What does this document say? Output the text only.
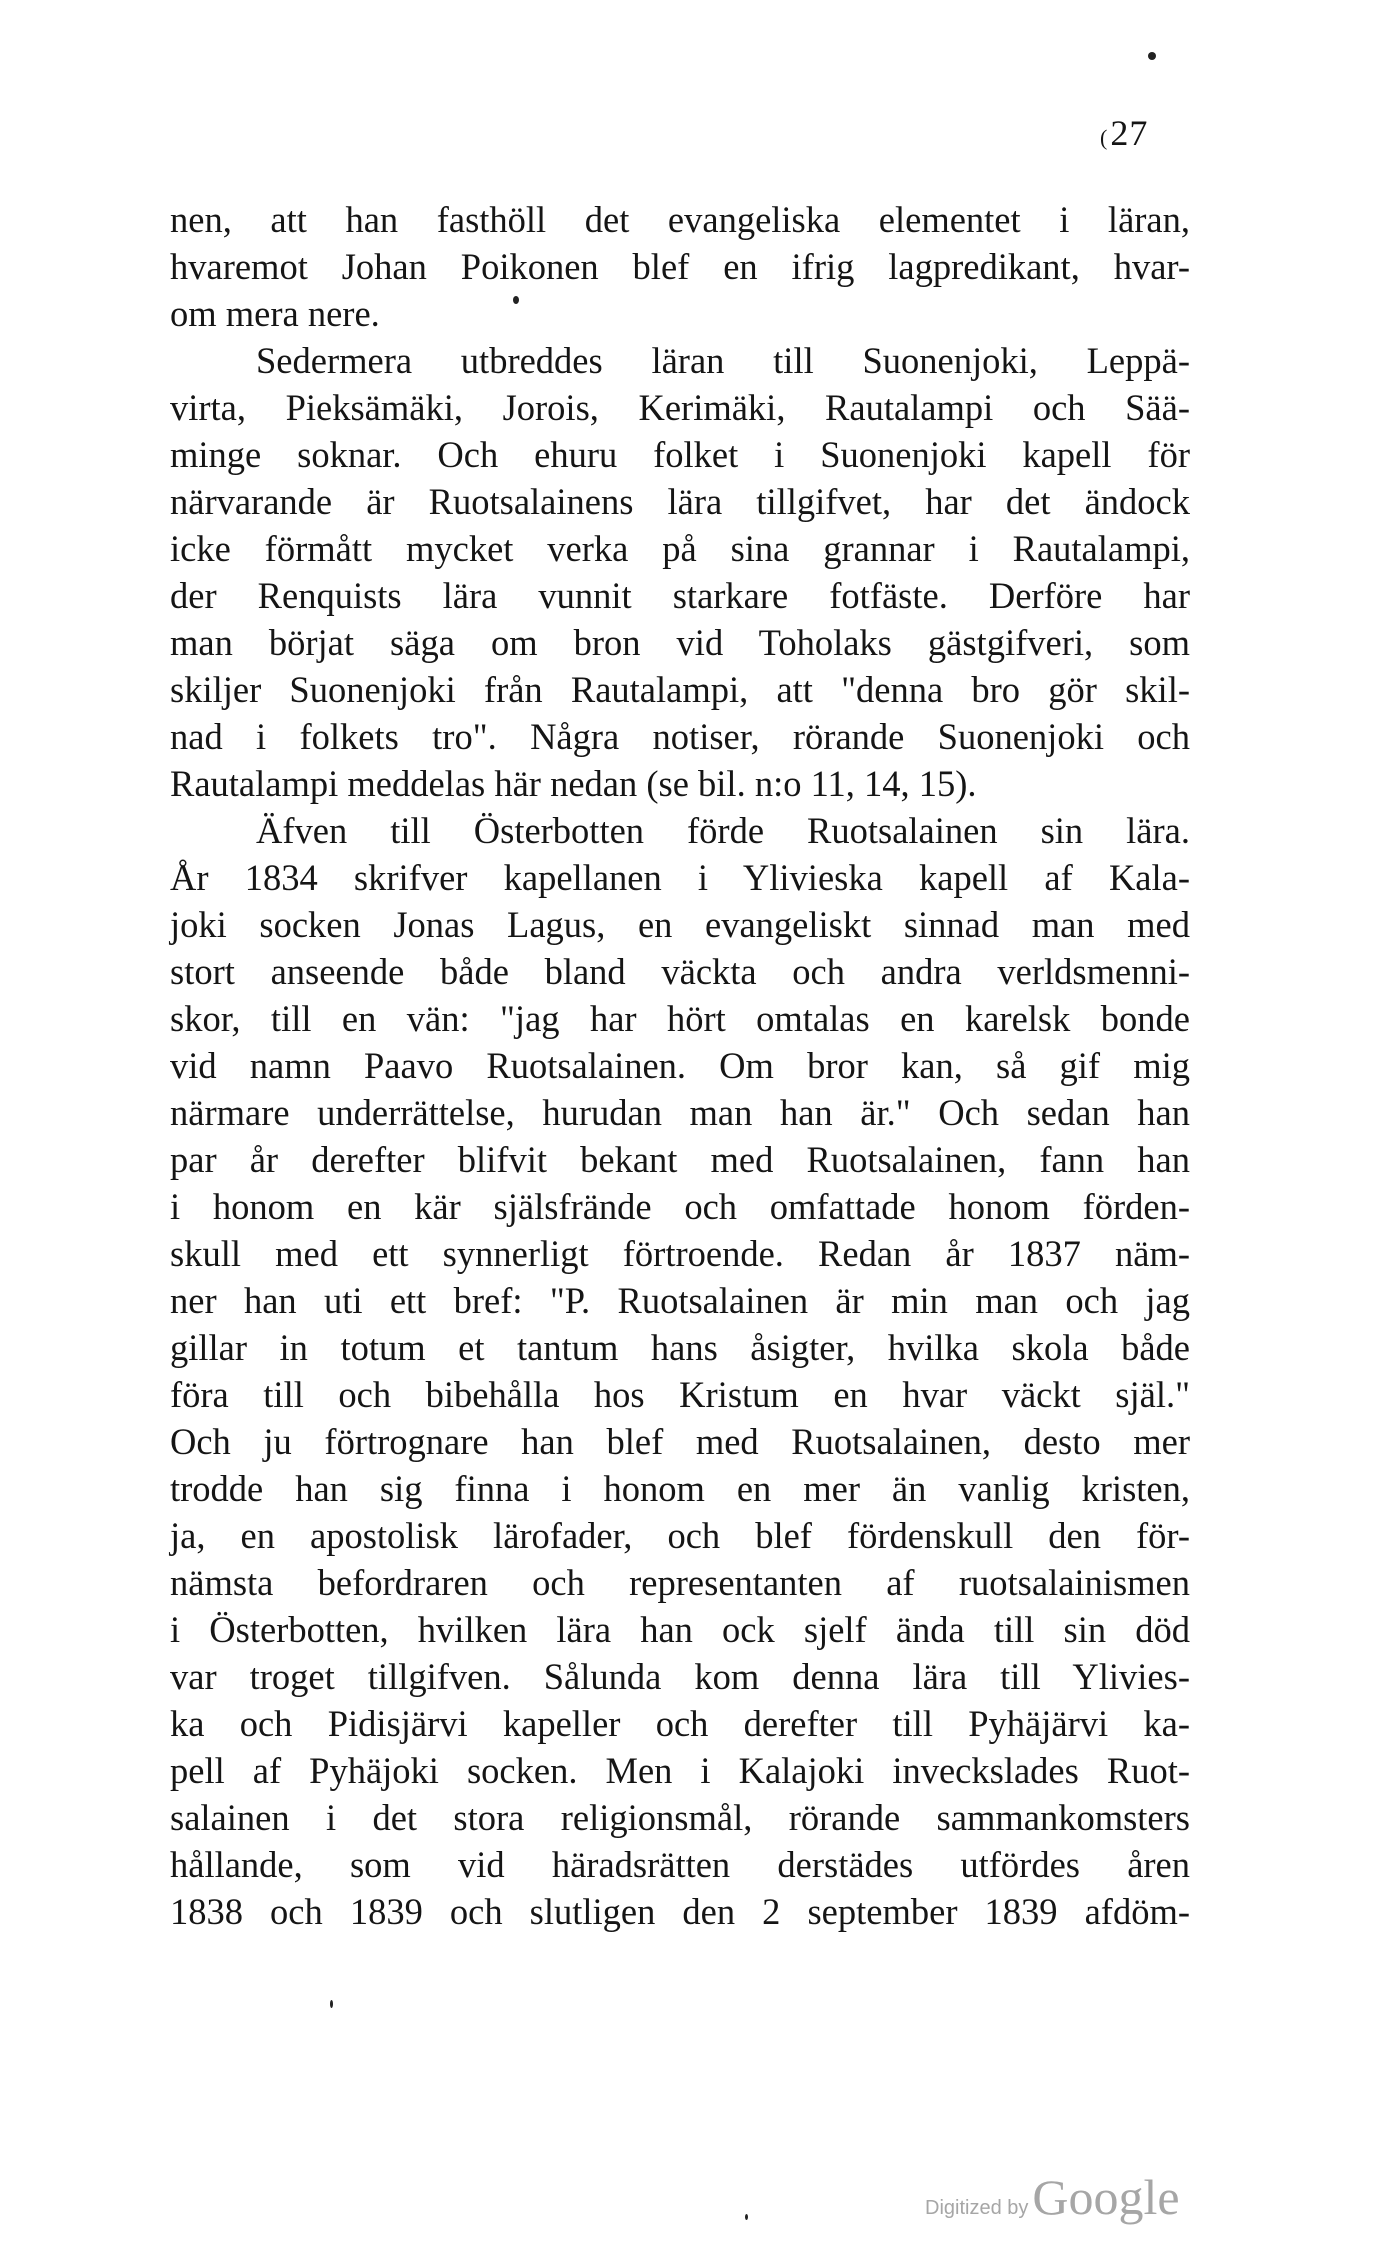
(27
nen, att han fasthöll det evangeliska elementet i läran,
hvaremot Johan Poikonen blef en ifrig lagpredikant, hvar-
om mera nere.
Sedermera utbreddes läran till Suonenjoki, Leppä-
virta, Pieksämäki, Jorois, Kerimäki, Rautalampi och Sää-
minge soknar. Och ehuru folket i Suonenjoki kapell för
närvarande är Ruotsalainens lära tillgifvet, har det ändock
icke förmått mycket verka på sina grannar i Rautalampi,
der Renquists lära vunnit starkare fotfäste. Derföre har
man börjat säga om bron vid Toholaks gästgifveri, som
skiljer Suonenjoki från Rautalampi, att "denna bro gör skil-
nad i folkets tro". Några notiser, rörande Suonenjoki och
Rautalampi meddelas här nedan (se bil. n:o 11, 14, 15).
Äfven till Österbotten förde Ruotsalainen sin lära.
År 1834 skrifver kapellanen i Ylivieska kapell af Kala-
joki socken Jonas Lagus, en evangeliskt sinnad man med
stort anseende både bland väckta och andra verldsmenni-
skor, till en vän: "jag har hört omtalas en karelsk bonde
vid namn Paavo Ruotsalainen. Om bror kan, så gif mig
närmare underrättelse, hurudan man han är." Och sedan han
par år derefter blifvit bekant med Ruotsalainen, fann han
i honom en kär själsfrände och omfattade honom förden-
skull med ett synnerligt förtroende. Redan år 1837 näm-
ner han uti ett bref: "P. Ruotsalainen är min man och jag
gillar in totum et tantum hans åsigter, hvilka skola både
föra till och bibehålla hos Kristum en hvar väckt själ."
Och ju förtrognare han blef med Ruotsalainen, desto mer
trodde han sig finna i honom en mer än vanlig kristen,
ja, en apostolisk lärofader, och blef fördenskull den för-
nämsta befordraren och representanten af ruotsalainismen
i Österbotten, hvilken lära han ock sjelf ända till sin död
var troget tillgifven. Sålunda kom denna lära till Ylivies-
ka och Pidisjärvi kapeller och derefter till Pyhäjärvi ka-
pell af Pyhäjoki socken. Men i Kalajoki inveckslades Ruot-
salainen i det stora religionsmål, rörande sammankomsters
hållande, som vid häradsrätten derstädes utfördes åren
1838 och 1839 och slutligen den 2 september 1839 afdöm-
Digitized by Google
